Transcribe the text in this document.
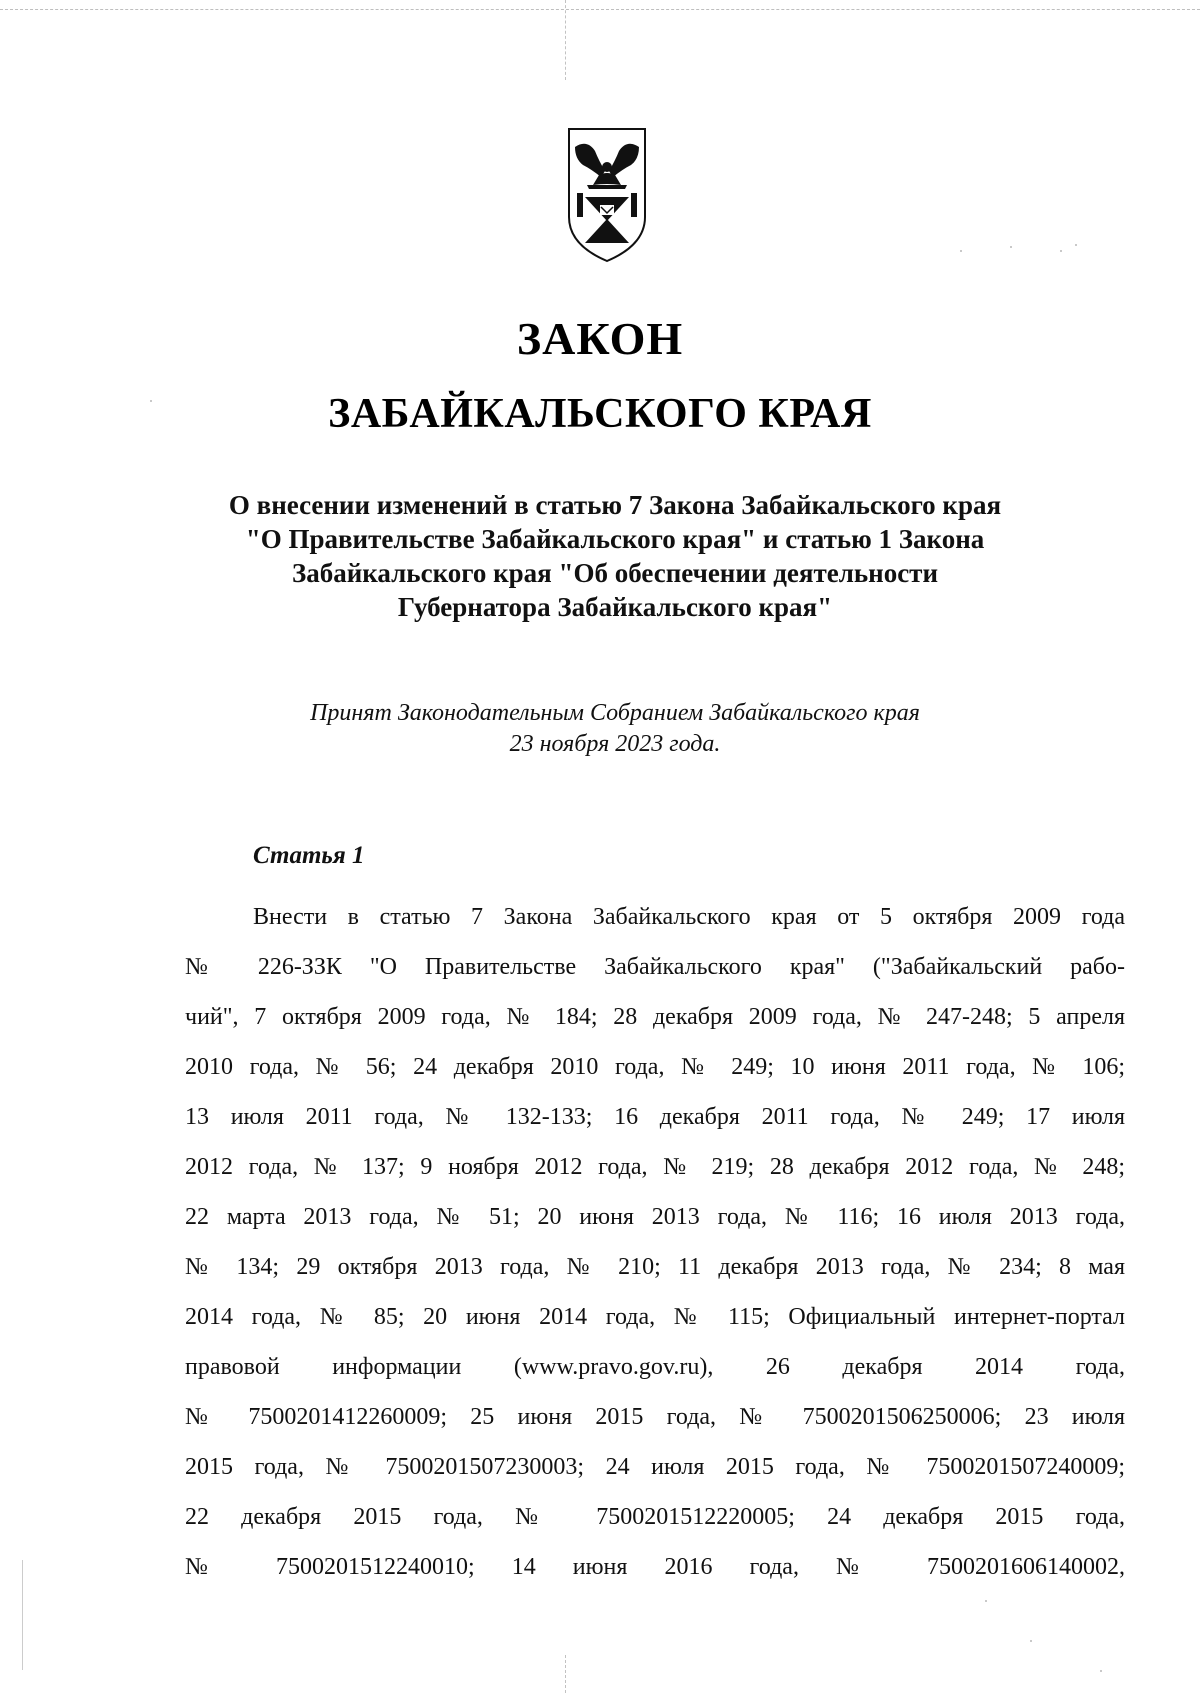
ЗАКОН
ЗАБАЙКАЛЬСКОГО КРАЯ
О внесении изменений в статью 7 Закона Забайкальского края
"О Правительстве Забайкальского края" и статью 1 Закона
Забайкальского края "Об обеспечении деятельности
Губернатора Забайкальского края"
Принят Законодательным Собранием Забайкальского края
23 ноября 2023 года.
Статья 1
Внести в статью 7 Закона Забайкальского края от 5 октября 2009 года
№ 226-ЗЗК "О Правительстве Забайкальского края" ("Забайкальский рабо-
чий", 7 октября 2009 года, № 184; 28 декабря 2009 года, № 247-248; 5 апреля
2010 года, № 56; 24 декабря 2010 года, № 249; 10 июня 2011 года, № 106;
13 июля 2011 года, № 132-133; 16 декабря 2011 года, № 249; 17 июля
2012 года, № 137; 9 ноября 2012 года, № 219; 28 декабря 2012 года, № 248;
22 марта 2013 года, № 51; 20 июня 2013 года, № 116; 16 июля 2013 года,
№ 134; 29 октября 2013 года, № 210; 11 декабря 2013 года, № 234; 8 мая
2014 года, № 85; 20 июня 2014 года, № 115; Официальный интернет-портал
правовой информации (www.pravo.gov.ru), 26 декабря 2014 года,
№ 7500201412260009; 25 июня 2015 года, № 7500201506250006; 23 июля
2015 года, № 7500201507230003; 24 июля 2015 года, № 7500201507240009;
22 декабря 2015 года, № 7500201512220005; 24 декабря 2015 года,
№ 7500201512240010; 14 июня 2016 года, № 7500201606140002,
